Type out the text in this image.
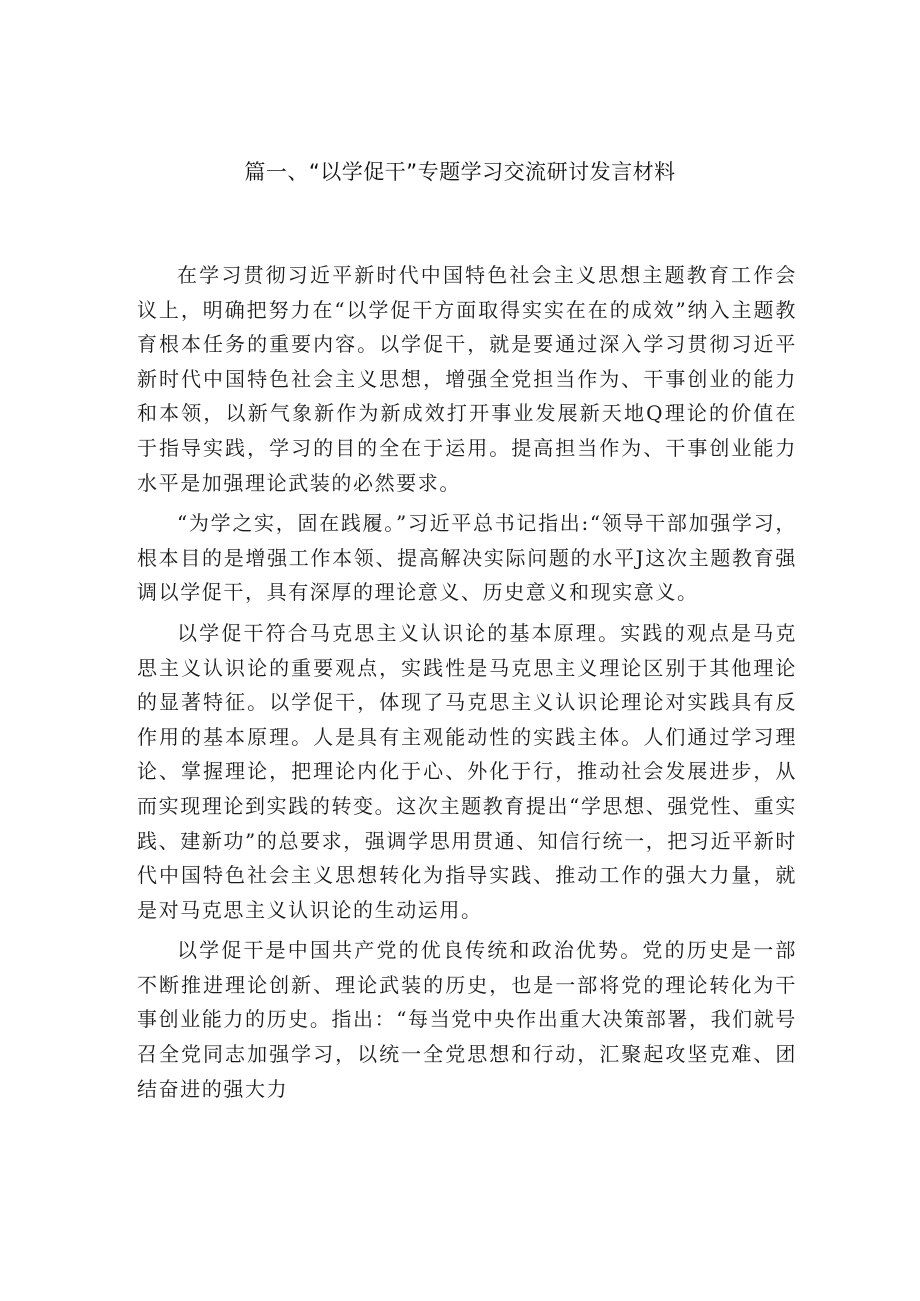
篇一、“以学促干”专题学习交流研讨发言材料

在学习贯彻习近平新时代中国特色社会主义思想主题教育工作会议上，明确把努力在“以学促干方面取得实实在在的成效”纳入主题教育根本任务的重要内容。以学促干，就是要通过深入学习贯彻习近平新时代中国特色社会主义思想，增强全党担当作为、干事创业的能力和本领，以新气象新作为新成效打开事业发展新天地Q理论的价值在于指导实践，学习的目的全在于运用。提高担当作为、干事创业能力水平是加强理论武装的必然要求。

“为学之实，固在践履。”习近平总书记指出:“领导干部加强学习，根本目的是增强工作本领、提高解决实际问题的水平J这次主题教育强调以学促干，具有深厚的理论意义、历史意义和现实意义。

以学促干符合马克思主义认识论的基本原理。实践的观点是马克思主义认识论的重要观点，实践性是马克思主义理论区别于其他理论的显著特征。以学促干，体现了马克思主义认识论理论对实践具有反作用的基本原理。人是具有主观能动性的实践主体。人们通过学习理论、掌握理论，把理论内化于心、外化于行，推动社会发展进步，从而实现理论到实践的转变。这次主题教育提出“学思想、强党性、重实践、建新功”的总要求，强调学思用贯通、知信行统一，把习近平新时代中国特色社会主义思想转化为指导实践、推动工作的强大力量，就是对马克思主义认识论的生动运用。

以学促干是中国共产党的优良传统和政治优势。党的历史是一部不断推进理论创新、理论武装的历史，也是一部将党的理论转化为干事创业能力的历史。指出：“每当党中央作出重大决策部署，我们就号召全党同志加强学习，以统一全党思想和行动，汇聚起攻坚克难、团结奋进的强大力
